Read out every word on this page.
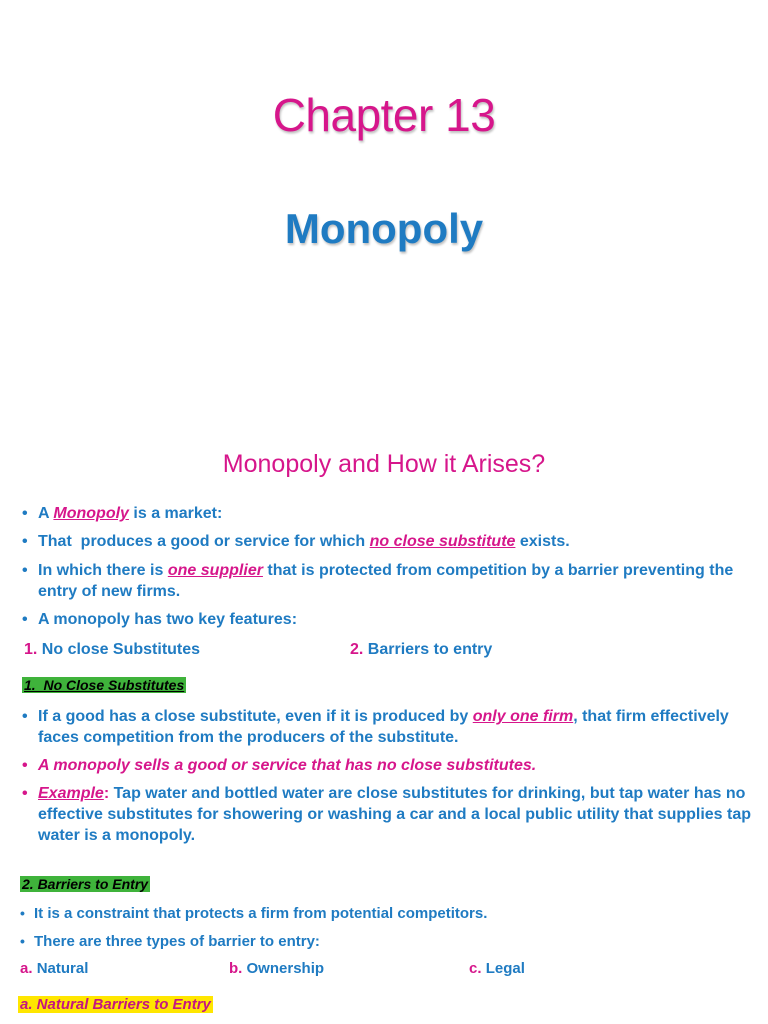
Chapter 13
Monopoly
Monopoly and How it Arises?
• A Monopoly is a market:
• That  produces a good or service for which no close substitute exists.
• In which there is one supplier that is protected from competition by a barrier preventing the entry of new firms.
• A monopoly has two key features:
1. No close Substitutes	2. Barriers to entry
1.  No Close Substitutes
• If a good has a close substitute, even if it is produced by only one firm, that firm effectively faces competition from the producers of the substitute.
• A monopoly sells a good or service that has no close substitutes.
• Example: Tap water and bottled water are close substitutes for drinking, but tap water has no effective substitutes for showering or washing a car and a local public utility that supplies tap water is a monopoly.
2. Barriers to Entry
• It is a constraint that protects a firm from potential competitors.
• There are three types of barrier to entry:
a. Natural	b. Ownership	c. Legal
a. Natural Barriers to Entry
